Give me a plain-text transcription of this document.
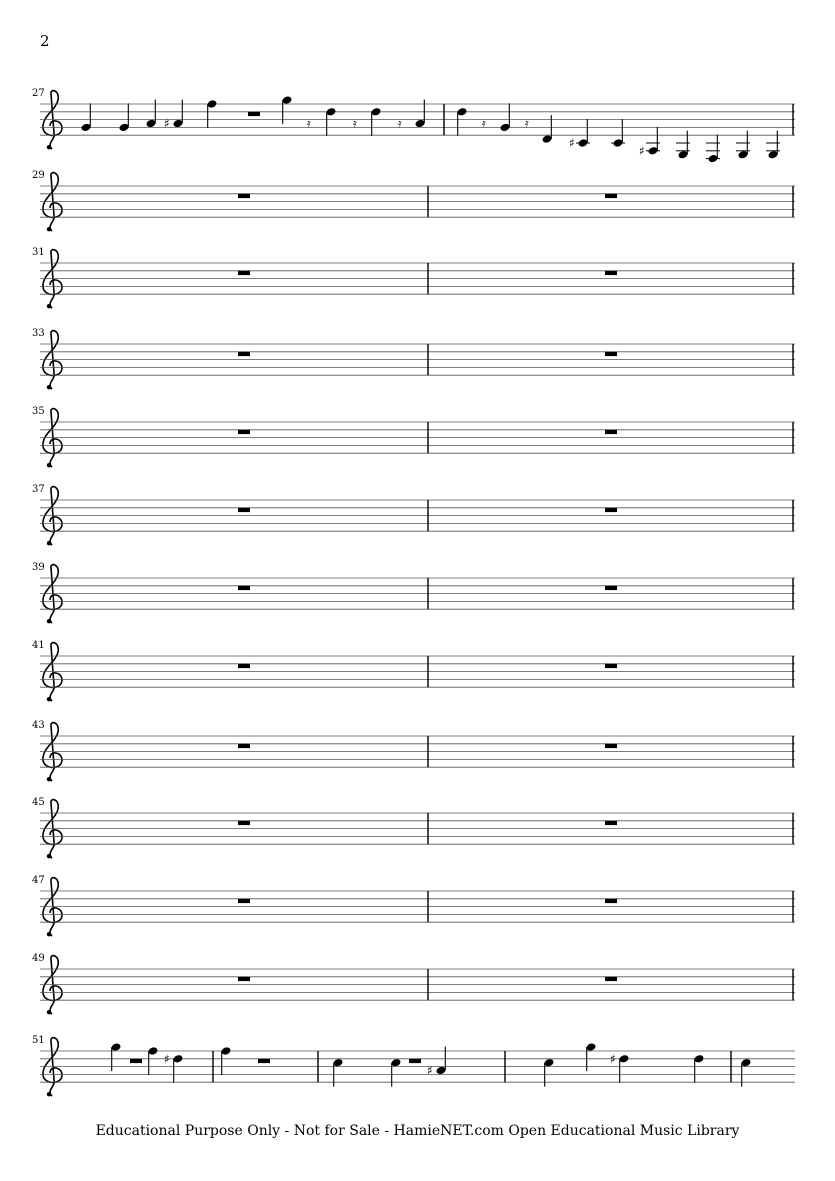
2
27
♯
♯
♯
𝄿	𝄿	𝄿	𝄿	𝄿
29
31
33
35
37
39
41
43
45
47
49
51
♯
♯
♯
Educational Purpose Only - Not for Sale - HamieNET.com Open Educational Music Library
